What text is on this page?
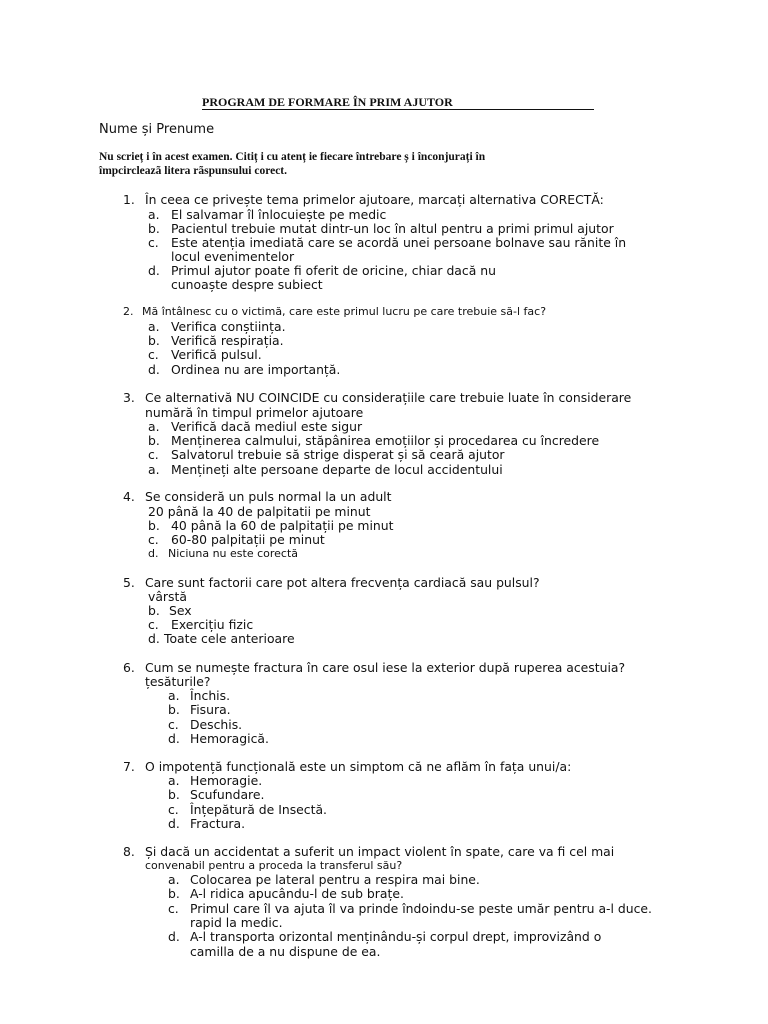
PROGRAM DE FORMARE ÎN PRIM AJUTOR
Nume și Prenume
Nu scrieț i în acest examen. Citiț i cu atenț ie fiecare întrebare ș i înconjurați în
împcircleazã litera rãspunsului corect.
1. În ceea ce privește tema primelor ajutoare, marcați alternativa CORECTĂ:
a. El salvamar îl înlocuiește pe medic
b. Pacientul trebuie mutat dintr-un loc în altul pentru a primi primul ajutor
c. Este atenția imediată care se acordă unei persoane bolnave sau rănite în
locul evenimentelor
d. Primul ajutor poate fi oferit de oricine, chiar dacă nu
cunoaște despre subiect
2. Mă întâlnesc cu o victimă, care este primul lucru pe care trebuie să-l fac?
a. Verifica conștiința.
b. Verifică respirația.
c. Verifică pulsul.
d. Ordinea nu are importanță.
3. Ce alternativă NU COINCIDE cu considerațiile care trebuie luate în considerare
numără în timpul primelor ajutoare
a. Verifică dacă mediul este sigur
b. Menținerea calmului, stăpânirea emoțiilor și procedarea cu încredere
c. Salvatorul trebuie să strige disperat și să ceară ajutor
a. Mențineți alte persoane departe de locul accidentului
4. Se consideră un puls normal la un adult
20 până la 40 de palpitatii pe minut
b. 40 până la 60 de palpitații pe minut
c. 60-80 palpitații pe minut
d. Niciuna nu este corectă
5. Care sunt factorii care pot altera frecvența cardiacă sau pulsul?
vârstă
b. Sex
c. Exercițiu fizic
d. Toate cele anterioare
6. Cum se numește fractura în care osul iese la exterior după ruperea acestuia?
țesăturile?
a. Închis.
b. Fisura.
c. Deschis.
d. Hemoragică.
7. O impotență funcțională este un simptom că ne aflăm în fața unui/a:
a. Hemoragie.
b. Scufundare.
c. Înțepătură de Insectă.
d. Fractura.
8. Și dacă un accidentat a suferit un impact violent în spate, care va fi cel mai
convenabil pentru a proceda la transferul său?
a. Colocarea pe lateral pentru a respira mai bine.
b. A-l ridica apucându-l de sub brațe.
c. Primul care îl va ajuta îl va prinde îndoindu-se peste umăr pentru a-l duce.
rapid la medic.
d. A-l transporta orizontal menținându-și corpul drept, improvizând o
camilla de a nu dispune de ea.
